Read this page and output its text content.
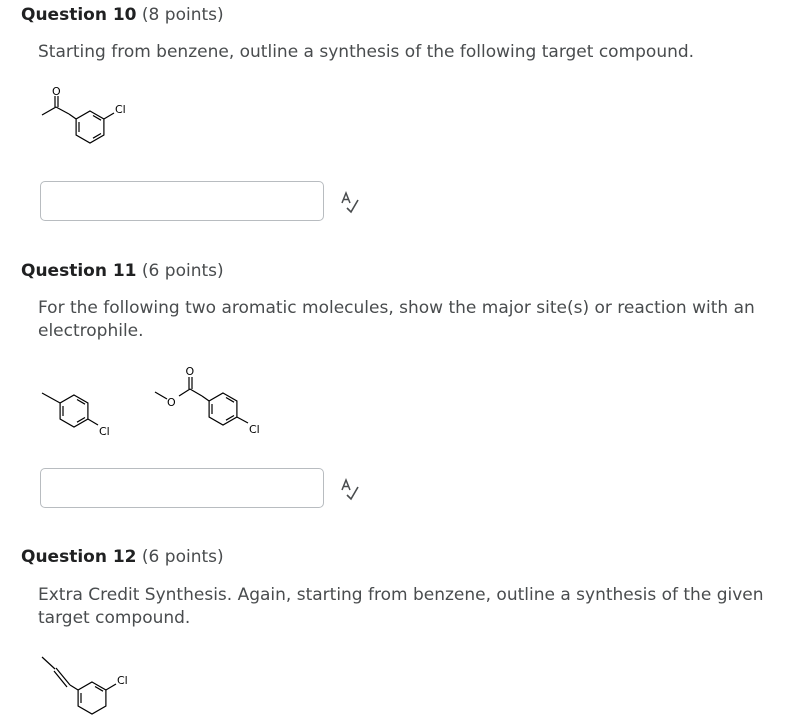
Question 10 (8 points)
Starting from benzene, outline a synthesis of the following target compound.
O
Cl
Question 11 (6 points)
For the following two aromatic molecules, show the major site(s) or reaction with an electrophile.
Cl
O
O
Cl
Question 12 (6 points)
Extra Credit Synthesis. Again, starting from benzene, outline a synthesis of the given target compound.
Cl
